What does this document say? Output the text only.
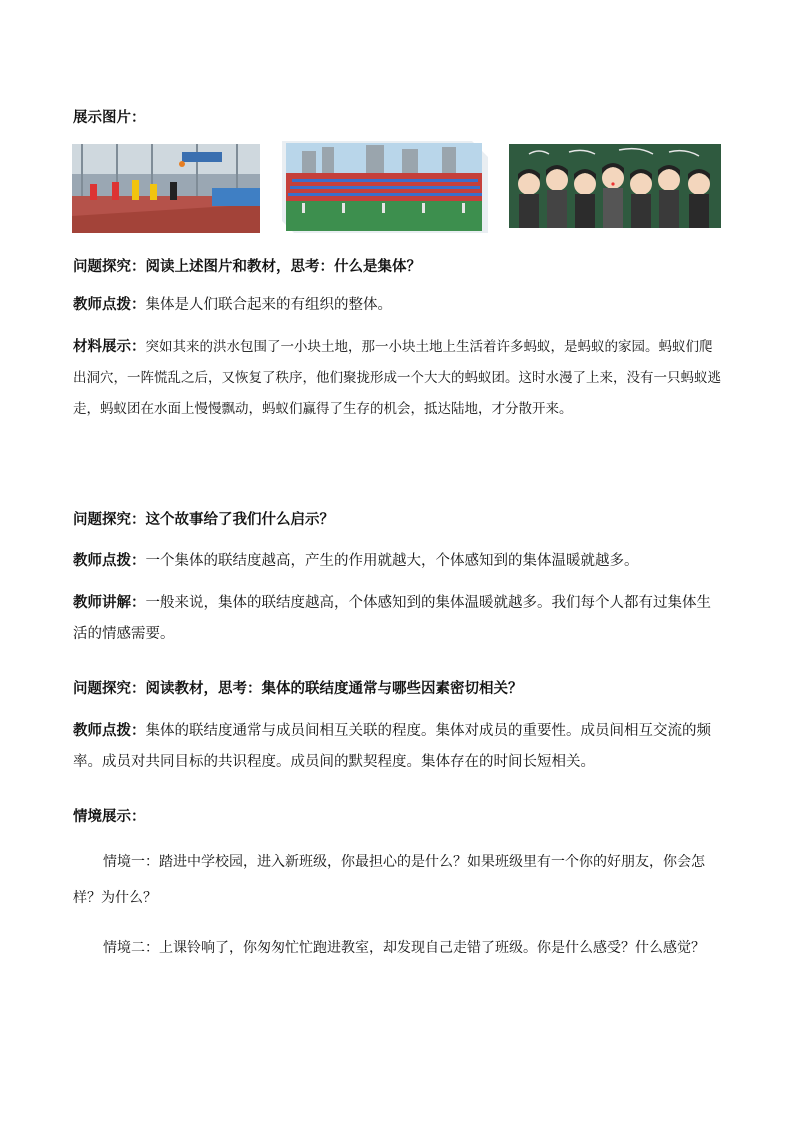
展示图片：

问题探究：阅读上述图片和教材，思考：什么是集体？

教师点拨：集体是人们联合起来的有组织的整体。

材料展示：突如其来的洪水包围了一小块土地，那一小块土地上生活着许多蚂蚁，是蚂蚁的家园。蚂蚁们爬出洞穴，一阵慌乱之后，又恢复了秩序，他们聚拢形成一个大大的蚂蚁团。这时水漫了上来，没有一只蚂蚁逃走，蚂蚁团在水面上慢慢飘动，蚂蚁们赢得了生存的机会，抵达陆地，才分散开来。

问题探究：这个故事给了我们什么启示？

教师点拨：一个集体的联结度越高，产生的作用就越大，个体感知到的集体温暖就越多。

教师讲解：一般来说，集体的联结度越高，个体感知到的集体温暖就越多。我们每个人都有过集体生活的情感需要。

问题探究：阅读教材，思考：集体的联结度通常与哪些因素密切相关？

教师点拨：集体的联结度通常与成员间相互关联的程度。集体对成员的重要性。成员间相互交流的频率。成员对共同目标的共识程度。成员间的默契程度。集体存在的时间长短相关。

情境展示：

情境一：踏进中学校园，进入新班级，你最担心的是什么？如果班级里有一个你的好朋友，你会怎样？为什么？

情境二：上课铃响了，你匆匆忙忙跑进教室，却发现自己走错了班级。你是什么感受？什么感觉？
